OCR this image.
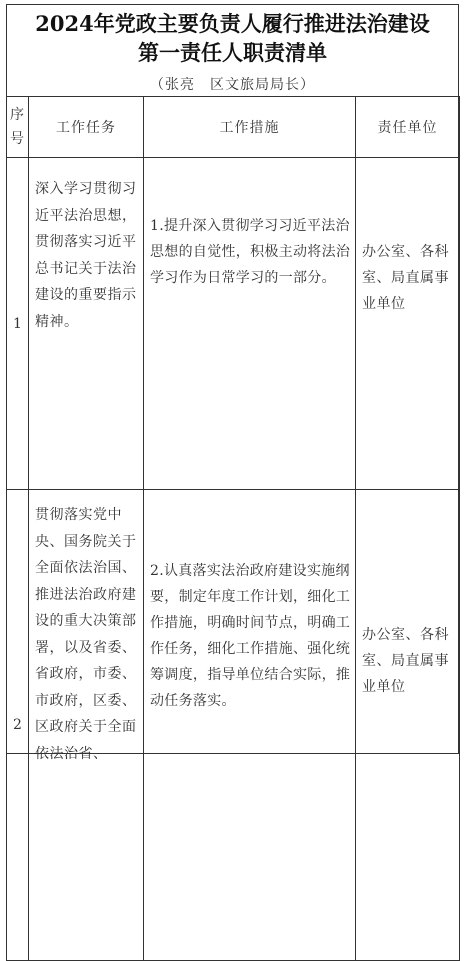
2024年党政主要负责人履行推进法治建设
第一责任人职责清单
（张亮　区文旅局局长）
序号	工作任务	工作措施	责任单位
1	深入学习贯彻习近平法治思想，贯彻落实习近平总书记关于法治建设的重要指示精神。	1.提升深入贯彻学习习近平法治思想的自觉性，积极主动将法治学习作为日常学习的一部分。	办公室、各科室、局直属事业单位
2	贯彻落实党中央、国务院关于全面依法治国、推进法治政府建设的重大决策部署，以及省委、省政府，市委、市政府，区委、区政府关于全面依法治省、	2.认真落实法治政府建设实施纲要，制定年度工作计划，细化工作措施，明确时间节点，明确工作任务，细化工作措施、强化统筹调度，指导单位结合实际，推动任务落实。	办公室、各科室、局直属事业单位
